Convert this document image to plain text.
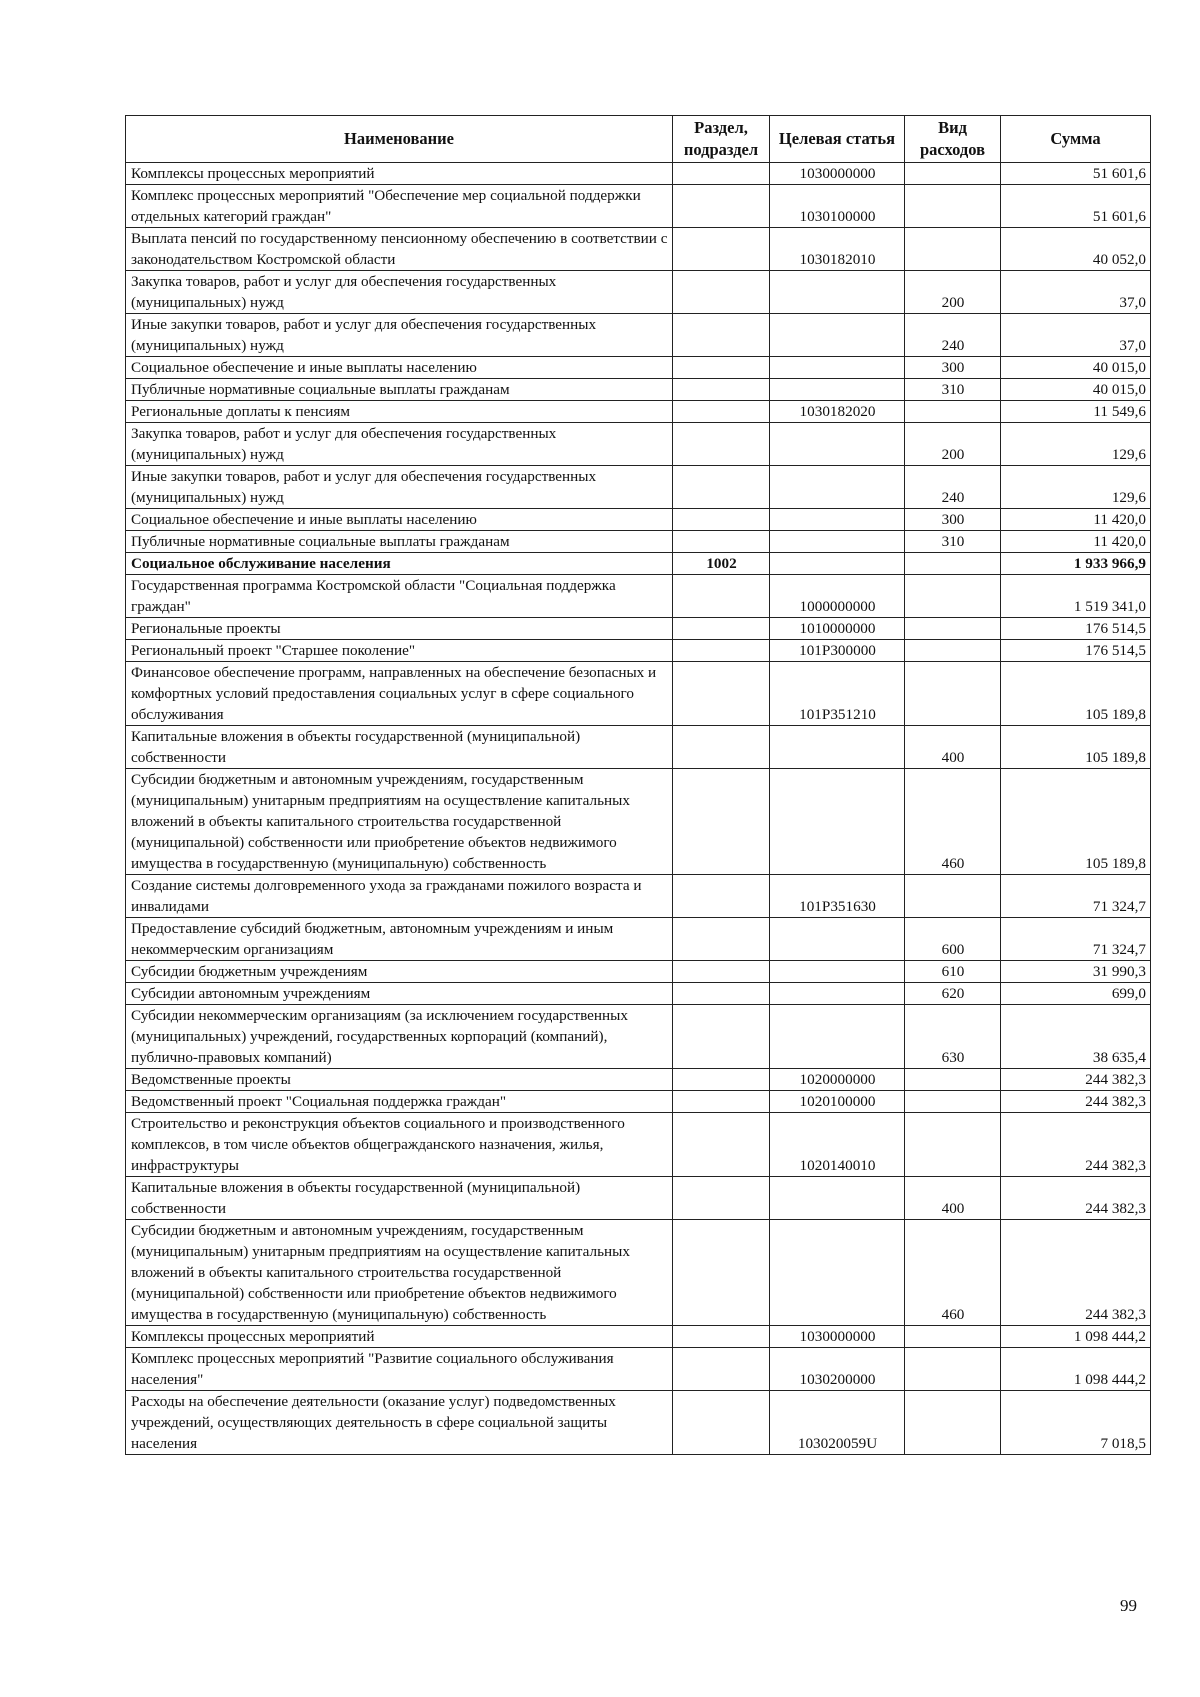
Наименование	Раздел, подраздел	Целевая статья	Вид расходов	Сумма
Комплексы процессных мероприятий		1030000000		51 601,6
Комплекс процессных мероприятий "Обеспечение мер социальной поддержки отдельных категорий граждан"		1030100000		51 601,6
Выплата пенсий по государственному пенсионному обеспечению в соответствии с законодательством Костромской области		1030182010		40 052,0
Закупка товаров, работ и услуг для обеспечения государственных (муниципальных) нужд			200	37,0
Иные закупки товаров, работ и услуг для обеспечения государственных (муниципальных) нужд			240	37,0
Социальное обеспечение и иные выплаты населению			300	40 015,0
Публичные нормативные социальные выплаты гражданам			310	40 015,0
Региональные доплаты к пенсиям		1030182020		11 549,6
Закупка товаров, работ и услуг для обеспечения государственных (муниципальных) нужд			200	129,6
Иные закупки товаров, работ и услуг для обеспечения государственных (муниципальных) нужд			240	129,6
Социальное обеспечение и иные выплаты населению			300	11 420,0
Публичные нормативные социальные выплаты гражданам			310	11 420,0
Социальное обслуживание населения	1002			1 933 966,9
Государственная программа Костромской области "Социальная поддержка граждан"		1000000000		1 519 341,0
Региональные проекты		1010000000		176 514,5
Региональный проект "Старшее поколение"		101P300000		176 514,5
Финансовое обеспечение программ, направленных на обеспечение безопасных и комфортных условий предоставления социальных услуг в сфере социального обслуживания		101P351210		105 189,8
Капитальные вложения в объекты государственной (муниципальной) собственности			400	105 189,8
Субсидии бюджетным и автономным учреждениям, государственным (муниципальным) унитарным предприятиям на осуществление капитальных вложений в объекты капитального строительства государственной (муниципальной) собственности или приобретение объектов недвижимого имущества в государственную (муниципальную) собственность			460	105 189,8
Создание системы долговременного ухода за гражданами пожилого возраста и инвалидами		101P351630		71 324,7
Предоставление субсидий бюджетным, автономным учреждениям и иным некоммерческим организациям			600	71 324,7
Субсидии бюджетным учреждениям			610	31 990,3
Субсидии автономным учреждениям			620	699,0
Субсидии некоммерческим организациям (за исключением государственных (муниципальных) учреждений, государственных корпораций (компаний), публично-правовых компаний)			630	38 635,4
Ведомственные проекты		1020000000		244 382,3
Ведомственный проект "Социальная поддержка граждан"		1020100000		244 382,3
Строительство и реконструкция объектов социального и производственного комплексов, в том числе объектов общегражданского назначения, жилья, инфраструктуры		1020140010		244 382,3
Капитальные вложения в объекты государственной (муниципальной) собственности			400	244 382,3
Субсидии бюджетным и автономным учреждениям, государственным (муниципальным) унитарным предприятиям на осуществление капитальных вложений в объекты капитального строительства государственной (муниципальной) собственности или приобретение объектов недвижимого имущества в государственную (муниципальную) собственность			460	244 382,3
Комплексы процессных мероприятий		1030000000		1 098 444,2
Комплекс процессных мероприятий "Развитие социального обслуживания населения"		1030200000		1 098 444,2
Расходы на обеспечение деятельности (оказание услуг) подведомственных учреждений, осуществляющих деятельность в сфере социальной защиты населения		103020059U		7 018,5
99
